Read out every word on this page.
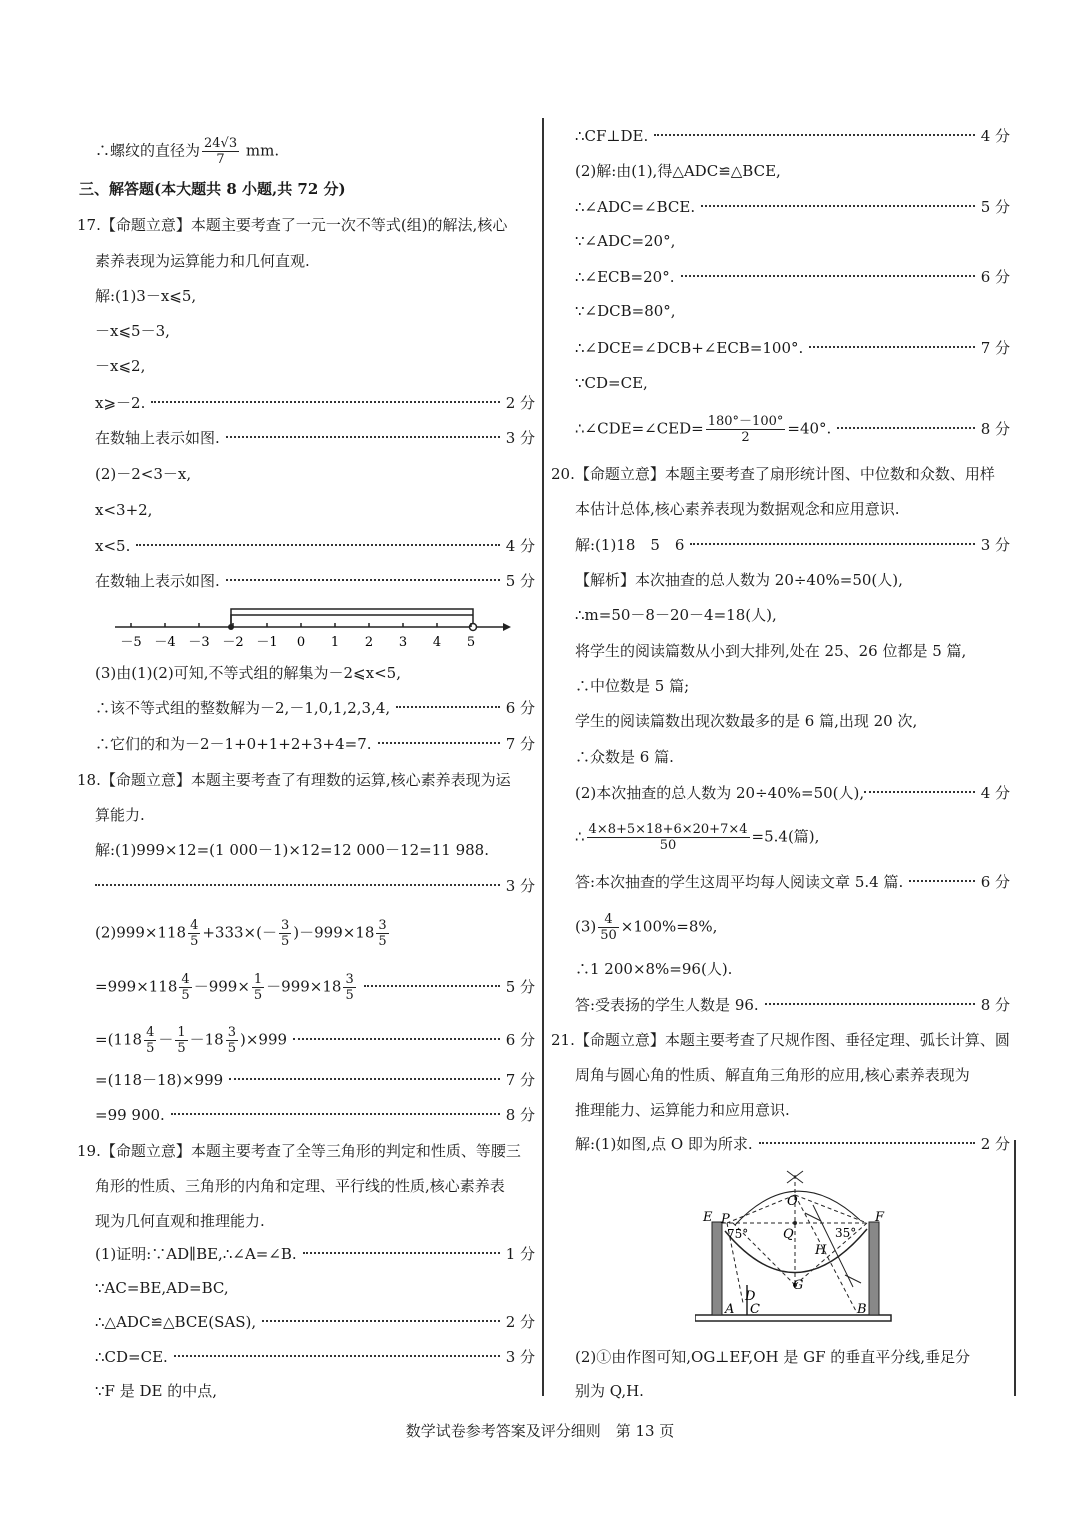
∴螺纹的直径为 $\frac{24√3}{7}$ mm.
三、解答题(本大题共 8 小题,共 72 分)
17.【命题立意】本题主要考查了一元一次不等式(组)的解法,核心
素养表现为运算能力和几何直观.
解:(1)3－x⩽5,
－x⩽5－3,
－x⩽2,
x⩾－2.	2 分
在数轴上表示如图.	3 分
(2)－2<3－x,
x<3+2,
x<5.	4 分
在数轴上表示如图.	5 分
－5 －4 －3 －2 －1 0 1 2 3 4 5
(3)由(1)(2)可知,不等式组的解集为－2⩽x<5,
∴该不等式组的整数解为－2,－1,0,1,2,3,4,	6 分
∴它们的和为－2－1+0+1+2+3+4=7.	7 分
18.【命题立意】本题主要考查了有理数的运算,核心素养表现为运
算能力.
解:(1)999×12=(1 000－1)×12=12 000－12=11 988.
3 分
$(2)999\times 118 \frac{4}{5} +333\times(- \frac{3}{5} )-999\times 18 \frac{3}{5}$
$=999\times 118 \frac{4}{5} -999\times \frac{1}{5} -999\times 18 \frac{3}{5}$	5 分
$=(118 \frac{4}{5} - \frac{1}{5} -18 \frac{3}{5} )\times 999$	6 分
=(118－18)×999	7 分
=99 900.	8 分
19.【命题立意】本题主要考查了全等三角形的判定和性质、等腰三
角形的性质、三角形的内角和定理、平行线的性质,核心素养表
现为几何直观和推理能力.
(1)证明:∵AD∥BE,∴∠A=∠B.	1 分
∵AC=BE,AD=BC,
∴△ADC≌△BCE(SAS),	2 分
∴CD=CE.	3 分
∵F 是 DE 的中点,
∴CF⊥DE.	4 分
(2)解:由(1),得△ADC≌△BCE,
∴∠ADC=∠BCE.	5 分
∵∠ADC=20°,
∴∠ECB=20°.	6 分
∵∠DCB=80°,
∴∠DCE=∠DCB+∠ECB=100°.	7 分
∵CD=CE,
∴∠CDE=∠CED= $\frac{180^\circ-100^\circ}{2} =40^\circ$.	8 分
20.【命题立意】本题主要考查了扇形统计图、中位数和众数、用样
本估计总体,核心素养表现为数据观念和应用意识.
解:(1)18　5　6	3 分
【解析】本次抽查的总人数为 20÷40%=50(人),
∴m=50－8－20－4=18(人),
将学生的阅读篇数从小到大排列,处在 25、26 位都是 5 篇,
∴中位数是 5 篇;
学生的阅读篇数出现次数最多的是 6 篇,出现 20 次,
∴众数是 6 篇.
(2)本次抽查的总人数为 20÷40%=50(人),	4 分
∴ $\frac{4\times 8+5\times 18+6\times 20+7\times 4}{50} =5.4$(篇),
答:本次抽查的学生这周平均每人阅读文章 5.4 篇.	6 分
$(3) \frac{4}{50} \times 100\%=8\%$,
∴1 200×8%=96(人).
答:受表扬的学生人数是 96.	8 分
21.【命题立意】本题主要考查了尺规作图、垂径定理、弧长计算、圆
周角与圆心角的性质、解直角三角形的应用,核心素养表现为
推理能力、运算能力和应用意识.
解:(1)如图,点 O 即为所求.	2 分
O
E P	F
Q
H
G
D
A C	B
75°	35°
(2)①由作图可知,OG⊥EF,OH 是 GF 的垂直平分线,垂足分
别为 Q,H.
数学试卷参考答案及评分细则　第 13 页
